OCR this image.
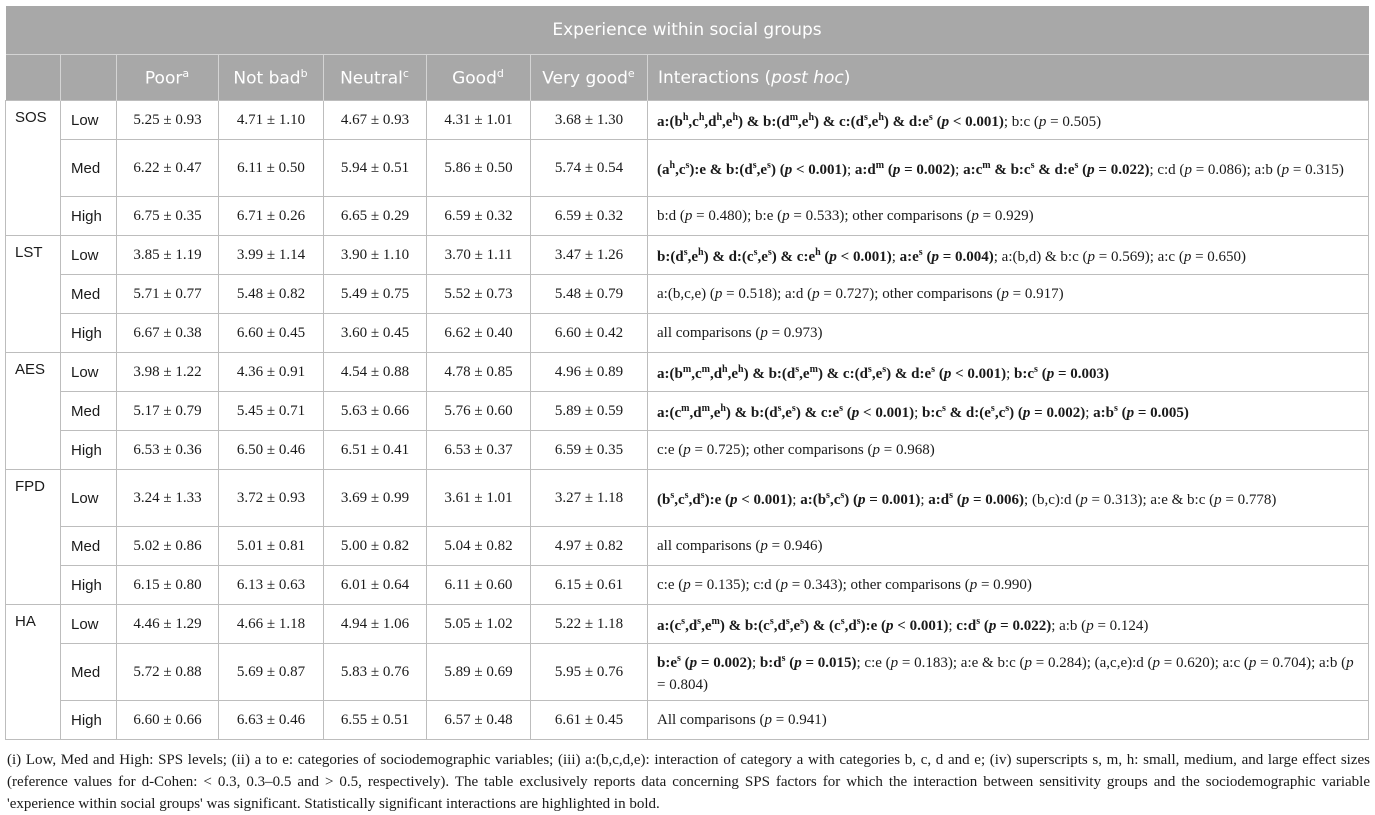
Experience within social groups							
		Poor$^a$	Not bad$^b$	Neutral$^c$	Good$^d$	Very good$^e$	Interactions (post hoc)
SOS	Low	5.25 ± 0.93	4.71 ± 1.10	4.67 ± 0.93	4.31 ± 1.01	3.68 ± 1.30	$a:(b^h,c^h,d^h,e^h)$ & $b:(d^m,e^h)$ & $c:(d^s,e^h)$ & $d:e^s$ (p < 0.001); b:c (p = 0.505)
	Med	6.22 ± 0.47	6.11 ± 0.50	5.94 ± 0.51	5.86 ± 0.50	5.74 ± 0.54	$(a^h,c^s):e$ & $b:(d^s,e^s) (p < 0.001)$; $a:d^m$ (p = 0.002); $a:c^m$ & $b:c^s$ & $d:e^s$ (p = 0.022); c:d (p = 0.086); a:b (p = 0.315)
	High	6.75 ± 0.35	6.71 ± 0.26	6.65 ± 0.29	6.59 ± 0.32	6.59 ± 0.32	b:d (p = 0.480); b:e (p = 0.533); other comparisons (p = 0.929)
LST	Low	3.85 ± 1.19	3.99 ± 1.14	3.90 ± 1.10	3.70 ± 1.11	3.47 ± 1.26	$b:(d^s,e^h)$ & $d:(c^s,e^s)$ & $c:e^h$ (p < 0.001); $a:e^s$ (p = 0.004); a:(b,d) & b:c (p = 0.569); a:c (p = 0.650)
	Med	5.71 ± 0.77	5.48 ± 0.82	5.49 ± 0.75	5.52 ± 0.73	5.48 ± 0.79	a:(b,c,e) (p = 0.518); a:d (p = 0.727); other comparisons (p = 0.917)
	High	6.67 ± 0.38	6.60 ± 0.45	3.60 ± 0.45	6.62 ± 0.40	6.60 ± 0.42	all comparisons (p = 0.973)
AES	Low	3.98 ± 1.22	4.36 ± 0.91	4.54 ± 0.88	4.78 ± 0.85	4.96 ± 0.89	$a:(b^m,c^m,d^h,e^h)$ & $b:(d^s,e^m)$ & $c:(d^s,e^s)$ & $d:e^s$ (p < 0.001); $b:c^s$ (p = 0.003)
	Med	5.17 ± 0.79	5.45 ± 0.71	5.63 ± 0.66	5.76 ± 0.60	5.89 ± 0.59	$a:(c^m,d^m,e^h)$ & $b:(d^s,e^s)$ & $c:e^s$ (p < 0.001); $b:c^s$ & $d:(e^s,c^s) (p = 0.002)$; $a:b^s$ (p = 0.005)
	High	6.53 ± 0.36	6.50 ± 0.46	6.51 ± 0.41	6.53 ± 0.37	6.59 ± 0.35	c:e (p = 0.725); other comparisons (p = 0.968)
FPD	Low	3.24 ± 1.33	3.72 ± 0.93	3.69 ± 0.99	3.61 ± 1.01	3.27 ± 1.18	$(b^s,c^s,d^s):e$ (p < 0.001); $a:(b^s,c^s) (p = 0.001)$; $a:d^s$ (p = 0.006); (b,c):d (p = 0.313); a:e & b:c (p = 0.778)
	Med	5.02 ± 0.86	5.01 ± 0.81	5.00 ± 0.82	5.04 ± 0.82	4.97 ± 0.82	all comparisons (p = 0.946)
	High	6.15 ± 0.80	6.13 ± 0.63	6.01 ± 0.64	6.11 ± 0.60	6.15 ± 0.61	c:e (p = 0.135); c:d (p = 0.343); other comparisons (p = 0.990)
HA	Low	4.46 ± 1.29	4.66 ± 1.18	4.94 ± 1.06	5.05 ± 1.02	5.22 ± 1.18	$a:(c^s,d^s,e^m)$ & $b:(c^s,d^s,e^s)$ & $(c^s,d^s):e$ (p < 0.001); $c:d^s$ (p = 0.022); a:b (p = 0.124)
	Med	5.72 ± 0.88	5.69 ± 0.87	5.83 ± 0.76	5.89 ± 0.69	5.95 ± 0.76	$b:e^s$ (p = 0.002); $b:d^s$ (p = 0.015); c:e (p = 0.183); a:e & b:c (p = 0.284); (a,c,e):d (p = 0.620); a:c (p = 0.704); a:b (p = 0.804)
	High	6.60 ± 0.66	6.63 ± 0.46	6.55 ± 0.51	6.57 ± 0.48	6.61 ± 0.45	All comparisons (p = 0.941)
(i) Low, Med and High: SPS levels; (ii) a to e: categories of sociodemographic variables; (iii) a:(b,c,d,e): interaction of category a with categories b, c, d and e; (iv) superscripts s, m, h: small, medium, and large effect sizes (reference values for d-Cohen: < 0.3, 0.3–0.5 and > 0.5, respectively). The table exclusively reports data concerning SPS factors for which the interaction between sensitivity groups and the sociodemographic variable 'experience within social groups' was significant. Statistically significant interactions are highlighted in bold.
